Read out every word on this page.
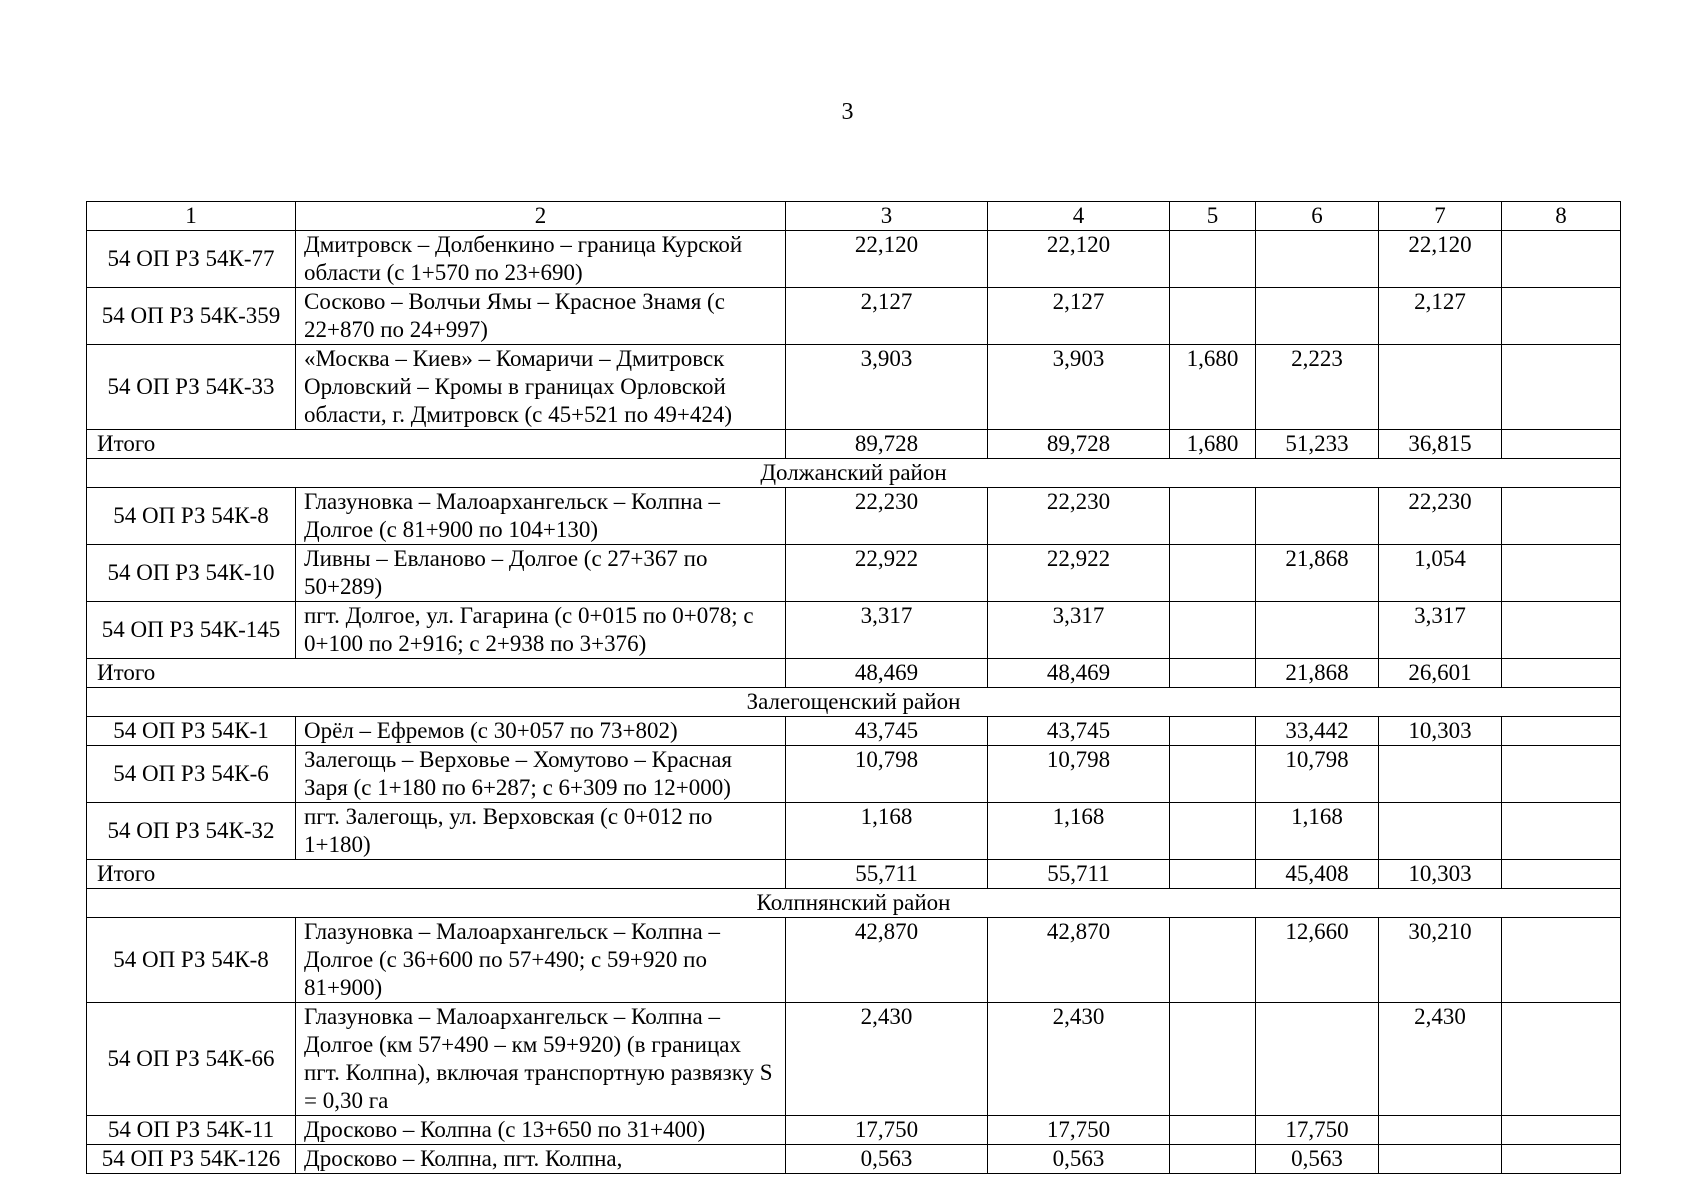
3
1	2	3	4	5	6	7	8
54 ОП РЗ 54К-77	Дмитровск – Долбенкино – граница Курской области (с 1+570 по 23+690)	22,120	22,120			22,120	
54 ОП РЗ 54К-359	Сосково – Волчьи Ямы – Красное Знамя (с 22+870 по 24+997)	2,127	2,127			2,127	
54 ОП РЗ 54К-33	«Москва – Киев» – Комаричи – Дмитровск Орловский – Кромы в границах Орловской области, г. Дмитровск (с 45+521 по 49+424)	3,903	3,903	1,680	2,223		
Итого		89,728	89,728	1,680	51,233	36,815	
Должанский район							
54 ОП РЗ 54К-8	Глазуновка – Малоархангельск – Колпна – Долгое (с 81+900 по 104+130)	22,230	22,230			22,230	
54 ОП РЗ 54К-10	Ливны – Евланово – Долгое (с 27+367 по 50+289)	22,922	22,922		21,868	1,054	
54 ОП РЗ 54К-145	пгт. Долгое, ул. Гагарина (с 0+015 по 0+078; с 0+100 по 2+916; с 2+938 по 3+376)	3,317	3,317			3,317	
Итого		48,469	48,469		21,868	26,601	
Залегощенский район							
54 ОП РЗ 54К-1	Орёл – Ефремов (с 30+057 по 73+802)	43,745	43,745		33,442	10,303	
54 ОП РЗ 54К-6	Залегощь – Верховье – Хомутово – Красная Заря (с 1+180 по 6+287; с 6+309 по 12+000)	10,798	10,798		10,798		
54 ОП РЗ 54К-32	пгт. Залегощь, ул. Верховская (с 0+012 по 1+180)	1,168	1,168		1,168		
Итого		55,711	55,711		45,408	10,303	
Колпнянский район							
54 ОП РЗ 54К-8	Глазуновка – Малоархангельск – Колпна – Долгое (с 36+600 по 57+490; с 59+920 по 81+900)	42,870	42,870		12,660	30,210	
54 ОП РЗ 54К-66	Глазуновка – Малоархангельск – Колпна – Долгое (км 57+490 – км 59+920) (в границах пгт. Колпна), включая транспортную развязку S = 0,30 га	2,430	2,430			2,430	
54 ОП РЗ 54К-11	Дросково – Колпна (с 13+650 по 31+400)	17,750	17,750		17,750		
54 ОП РЗ 54К-126	Дросково – Колпна, пгт. Колпна,	0,563	0,563		0,563		
